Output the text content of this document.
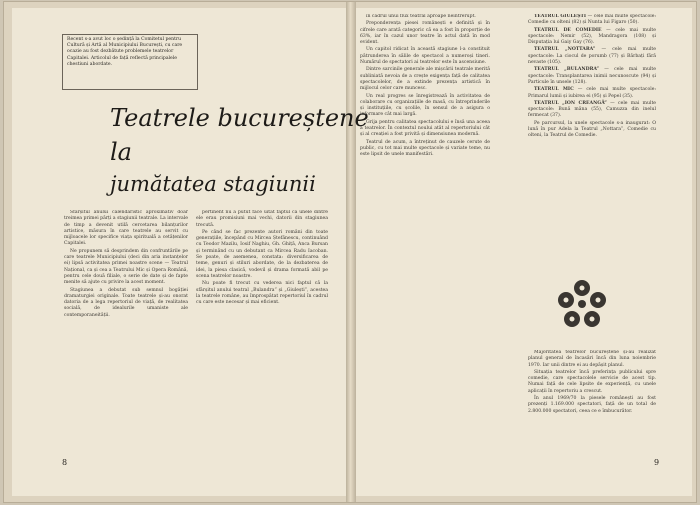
Recent s-a avut loc o ședință la Comitetul pentru Cultură și Artă al Municipiului București, cu care ocazie au fost dezbătute problemele teatrelor Capitalei. Articolul de față reflectă principalele chestiuni abordate.
Teatrele bucureștene
la
jumătatea stagiunii

Sfârșitul anului calendaristic aproximativ doar treimea primei părți a stagiunii teatrale. La intervale de timp a devenit utilă cercetarea bilanțurilor artistice, măsura în care teatrele au servit cu mijloacele lor specifice viața spirituală a cetățenilor Capitalei.

Ne propunem să desprindem din confruntările pe care teatrele Municipiului (deci din aria instanțelor ei) lipsă activitatea primei noastre scene — Teatrul Național, ca și cea a Teatrului Mic și Opera Română, pentru cele două filiale, o serie de date și de fapte menite să ajute cu privire la acest moment.

Stagiunea a debutat sub semnul bogăției dramaturgiei originale. Toate teatrele și-au onorat datoria de a lega repertoriul de viață, de realitatea socială, de idealurile umaniste ale contemporaneității.

pertinent nu a putut face uitat faptul că unele dintre ele erau promisiuni mai vechi, datorii din stagiunea trecută.

Pe când se fac prezente autori români din toate generațiile, începând cu Mircea Ștefănescu, continuând cu Teodor Mazilu, Iosif Naghiu, Gh. Ghiță, Anca Bursan și terminând cu un debutant ca Mircea Radu Iacoban. Se poate, de asemenea, constata: diversificarea de teme, genuri și stiluri abordate, de la dezbaterea de idei, la piesa clasică, vodevil și drama formată abil pe scena teatrelor noastre.

Nu poate fi trecut cu vederea nici faptul că la sfârșitul anului teatral „Bulandra” și „Giulești”, acestea la teatrele române, au împrospătat repertoriul în cadrul cu care este necesar și mai eficient.

8

în cadrul unui flux teatral aproape neîntrerupt.

Preponderența piesei românești e definită și în cifrele care arată categoric că ea a fost în proporție de 63%, iar în cazul unor teatre în actul dată în mod evident.

Un capitol ridicat în această stagiune l-a constituit pătrunderea în sălile de spectacol a numeroși tineri. Numărul de spectatori ai teatrelor este în ascensiune.

Dintre sarcinile generale ale mișcării teatrale merită subliniată nevoia de a crește exigența față de calitatea spectacolelor, de a extinde prezența artistică în mijlocul celor care muncesc.

Un real progres se înregistrează în activitatea de colaborare cu organizațiile de masă, cu întreprinderile și instituțiile, cu școlile, în sensul de a asigura o informare cât mai largă.

Grija pentru calitatea spectacolului e însă una aceea a teatrelor. În contextul noului atât al repertoriului cât și al creației a fost privită și dimensiunea modernă.

Teatrul de acum, a întreținut de cauzele cerute de public, cu tot mai multe spectacole și variate teme, nu este lipsit de unele manifestări.

TEATRUL GIULEȘTI — cele mai multe spectacole: Comedie cu olteni (82) și Nunta lui Figaro (50).

TEATRUL DE COMEDIE — cele mai multe spectacole: Nemir (52), Mandragora (108) și Disputația lui Gaiy Gay (76).

TEATRUL „NOTTARA” — cele mai multe spectacole: La ciocul de porumb (77) și Bărbați fără nevaste (105).

TEATRUL „BULANDRA” — cele mai multe spectacole: Transplantarea inimii necunoscute (94) și Particule în unsele (128).

TEATRUL MIC — cele mai multe spectacole: Primarul lumii și iubirea ei (95) și Pepel (35).

TEATRUL „ION CREANGĂ” — cele mai multe spectacole: Bună mâna (55), Camuzza din inelul fermecat (37).

Pe parcursul, la unele spectacole s-a inaugurat: O lună în pur Adela la Teatrul „Nottara”, Comedie cu olteni, la Teatrul de Comedie.

Majoritatea teatrelor bucureștene și-au realizat planul general de încasări încă din luna noiembrie 1970. Iar unii dintre ei au depășit planul.

Situația teatrelor încă preferința publicului spre comedie, care spectacolele servicie de acest tip. Numai față de cele lipsite de experiență, cu unele aplicații în repertoriu a crescut.

În anul 1969/70 la piesele românești au fost prezenți 1.169.000 spectatori, față de un total de 2.800.000 spectatori, ceea ce e îmbucurător.

9
